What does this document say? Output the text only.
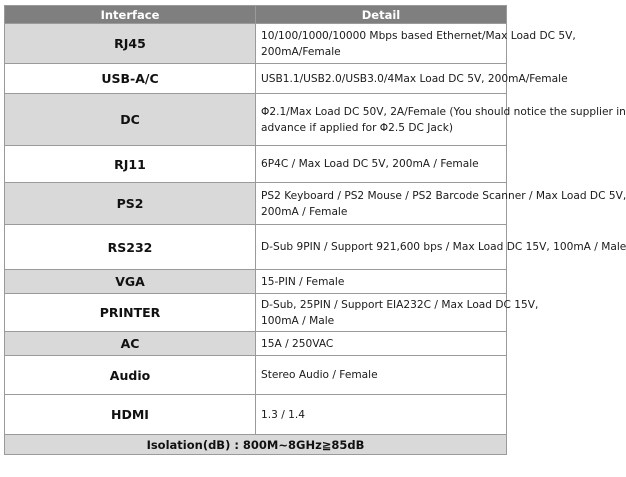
Interface	Detail
RJ45	10/100/1000/10000 Mbps based Ethernet/Max Load DC 5V,
200mA/Female

USB-A/C	USB1.1/USB2.0/USB3.0/4Max Load DC 5V, 200mA/Female

DC	Φ2.1/Max Load DC 50V, 2A/Female (You should notice the supplier in
advance if applied for Φ2.5 DC Jack)

RJ11	6P4C / Max Load DC 5V, 200mA / Female

PS2	PS2 Keyboard / PS2 Mouse / PS2 Barcode Scanner / Max Load DC 5V,
200mA / Female

RS232	D-Sub 9PIN / Support 921,600 bps / Max Load DC 15V, 100mA / Male

VGA	15-PIN / Female

PRINTER	D-Sub, 25PIN / Support EIA232C / Max Load DC 15V,
100mA / Male

AC	15A / 250VAC

Audio	Stereo Audio / Female

HDMI	1.3 / 1.4

Isolation(dB) : 800M~8GHz≧85dB	
